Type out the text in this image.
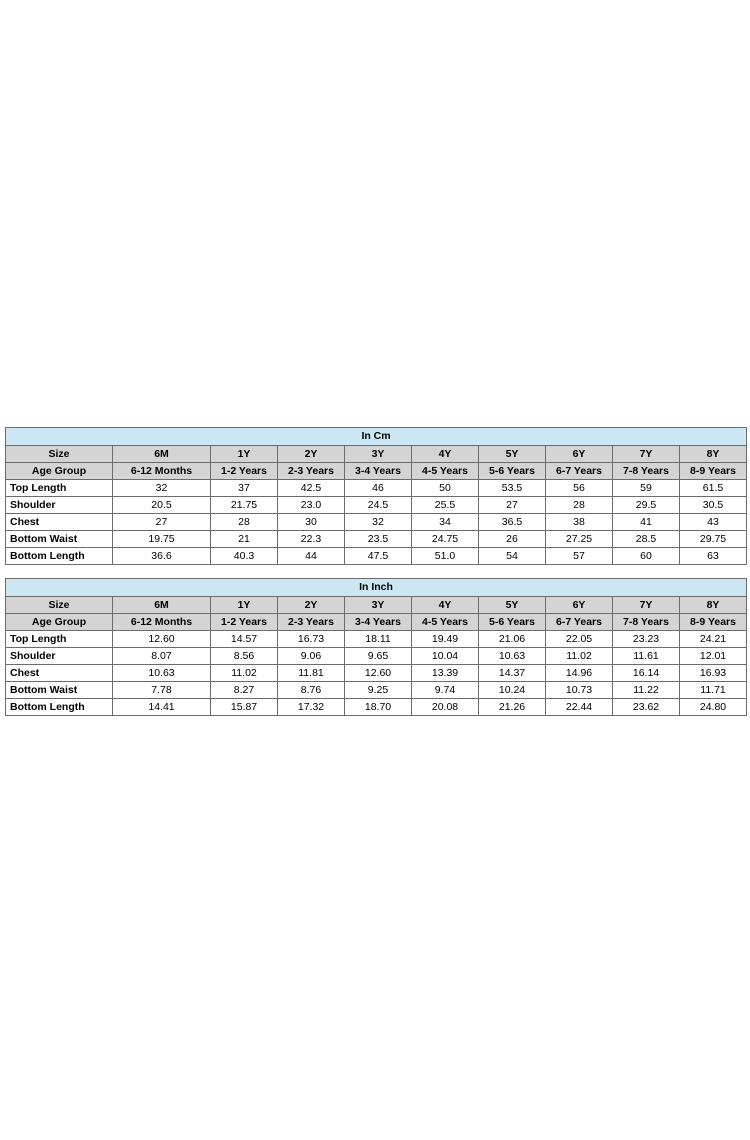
In Cm									
Size	6M	1Y	2Y	3Y	4Y	5Y	6Y	7Y	8Y
Age Group	6-12 Months	1-2 Years	2-3 Years	3-4 Years	4-5 Years	5-6 Years	6-7 Years	7-8 Years	8-9 Years
Top Length	32	37	42.5	46	50	53.5	56	59	61.5
Shoulder	20.5	21.75	23.0	24.5	25.5	27	28	29.5	30.5
Chest	27	28	30	32	34	36.5	38	41	43
Bottom Waist	19.75	21	22.3	23.5	24.75	26	27.25	28.5	29.75
Bottom Length	36.6	40.3	44	47.5	51.0	54	57	60	63
In Inch									
Size	6M	1Y	2Y	3Y	4Y	5Y	6Y	7Y	8Y
Age Group	6-12 Months	1-2 Years	2-3 Years	3-4 Years	4-5 Years	5-6 Years	6-7 Years	7-8 Years	8-9 Years
Top Length	12.60	14.57	16.73	18.11	19.49	21.06	22.05	23.23	24.21
Shoulder	8.07	8.56	9.06	9.65	10.04	10.63	11.02	11.61	12.01
Chest	10.63	11.02	11.81	12.60	13.39	14.37	14.96	16.14	16.93
Bottom Waist	7.78	8.27	8.76	9.25	9.74	10.24	10.73	11.22	11.71
Bottom Length	14.41	15.87	17.32	18.70	20.08	21.26	22.44	23.62	24.80
